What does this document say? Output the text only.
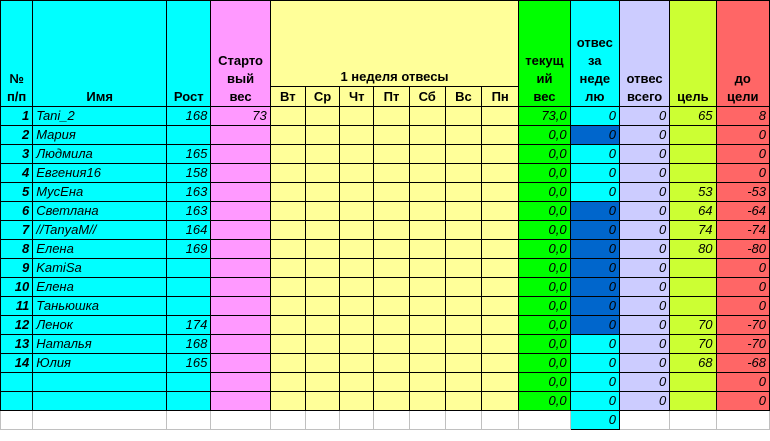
№
п/п	Имя	Рост	Старто
вый
вес	1 неделя отвесы							текущ
ий
вес	отвес
за
неде
лю	отвес
всего	цель	до
цели
				Вт	Ср	Чт	Пт	Сб	Вс	Пн					
1	Tani_2	168	73								73,0	0	0	65	8
2	Мария										0,0	0	0		0
3	Людмила	165									0,0	0	0		0
4	Евгения16	158									0,0	0	0		0
5	МусЕна	163									0,0	0	0	53	-53
6	Светлана	163									0,0	0	0	64	-64
7	//TanyaM//	164									0,0	0	0	74	-74
8	Елена	169									0,0	0	0	80	-80
9	KamiSa										0,0	0	0		0
10	Елена										0,0	0	0		0
11	Таньюшка										0,0	0	0		0
12	Ленок	174									0,0	0	0	70	-70
13	Наталья	168									0,0	0	0	70	-70
14	Юлия	165									0,0	0	0	68	-68
											0,0	0	0		0
											0,0	0	0		0
												0			
